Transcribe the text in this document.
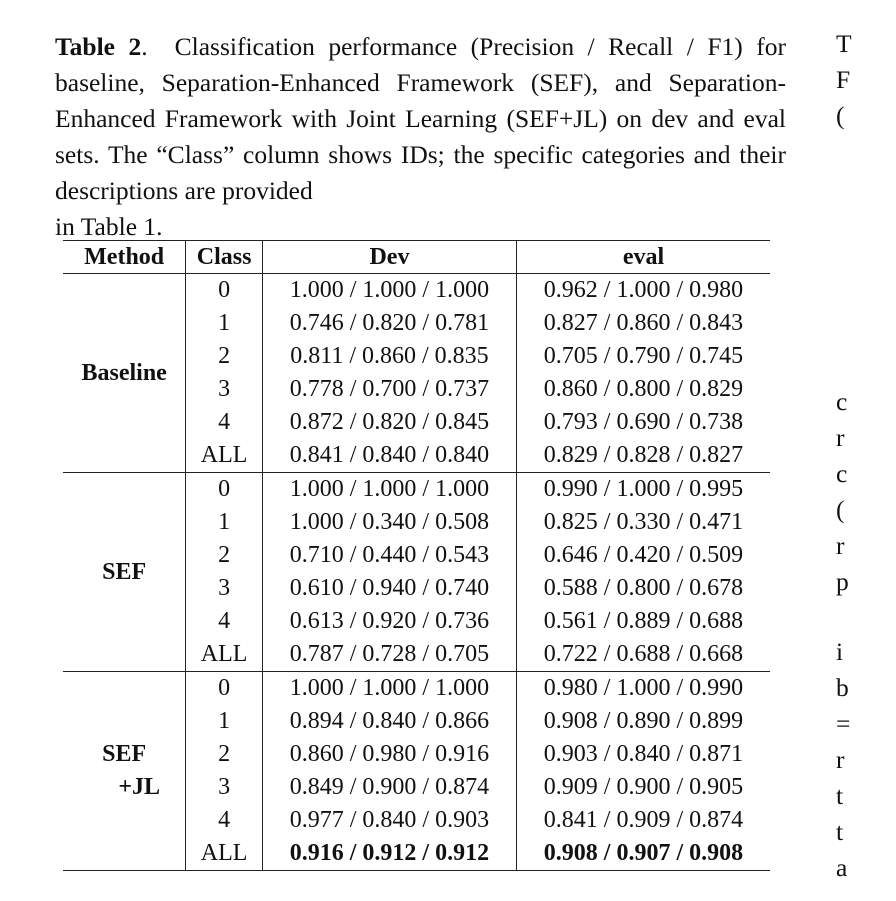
Table 2.  Classification performance (Precision / Recall / F1) for baseline, Separation-Enhanced Framework (SEF), and Separation-Enhanced Framework with Joint Learning (SEF+JL) on dev and eval sets. The “Class” column shows IDs; the specific categories and their descriptions are provided
in Table 1.
T
F
(
c
r
c
(
r
p
i
b
=
r
t
t
a
Method	Class	Dev	eval
Baseline	0	1.000 / 1.000 / 1.000	0.962 / 1.000 / 0.980
	1	0.746 / 0.820 / 0.781	0.827 / 0.860 / 0.843
	2	0.811 / 0.860 / 0.835	0.705 / 0.790 / 0.745
	3	0.778 / 0.700 / 0.737	0.860 / 0.800 / 0.829
	4	0.872 / 0.820 / 0.845	0.793 / 0.690 / 0.738
	ALL	0.841 / 0.840 / 0.840	0.829 / 0.828 / 0.827
SEF	0	1.000 / 1.000 / 1.000	0.990 / 1.000 / 0.995
	1	1.000 / 0.340 / 0.508	0.825 / 0.330 / 0.471
	2	0.710 / 0.440 / 0.543	0.646 / 0.420 / 0.509
	3	0.610 / 0.940 / 0.740	0.588 / 0.800 / 0.678
	4	0.613 / 0.920 / 0.736	0.561 / 0.889 / 0.688
	ALL	0.787 / 0.728 / 0.705	0.722 / 0.688 / 0.668

SEF
+JL	0	1.000 / 1.000 / 1.000	0.980 / 1.000 / 0.990
	1	0.894 / 0.840 / 0.866	0.908 / 0.890 / 0.899
	2	0.860 / 0.980 / 0.916	0.903 / 0.840 / 0.871
	3	0.849 / 0.900 / 0.874	0.909 / 0.900 / 0.905
	4	0.977 / 0.840 / 0.903	0.841 / 0.909 / 0.874
	ALL	0.916 / 0.912 / 0.912	0.908 / 0.907 / 0.908
